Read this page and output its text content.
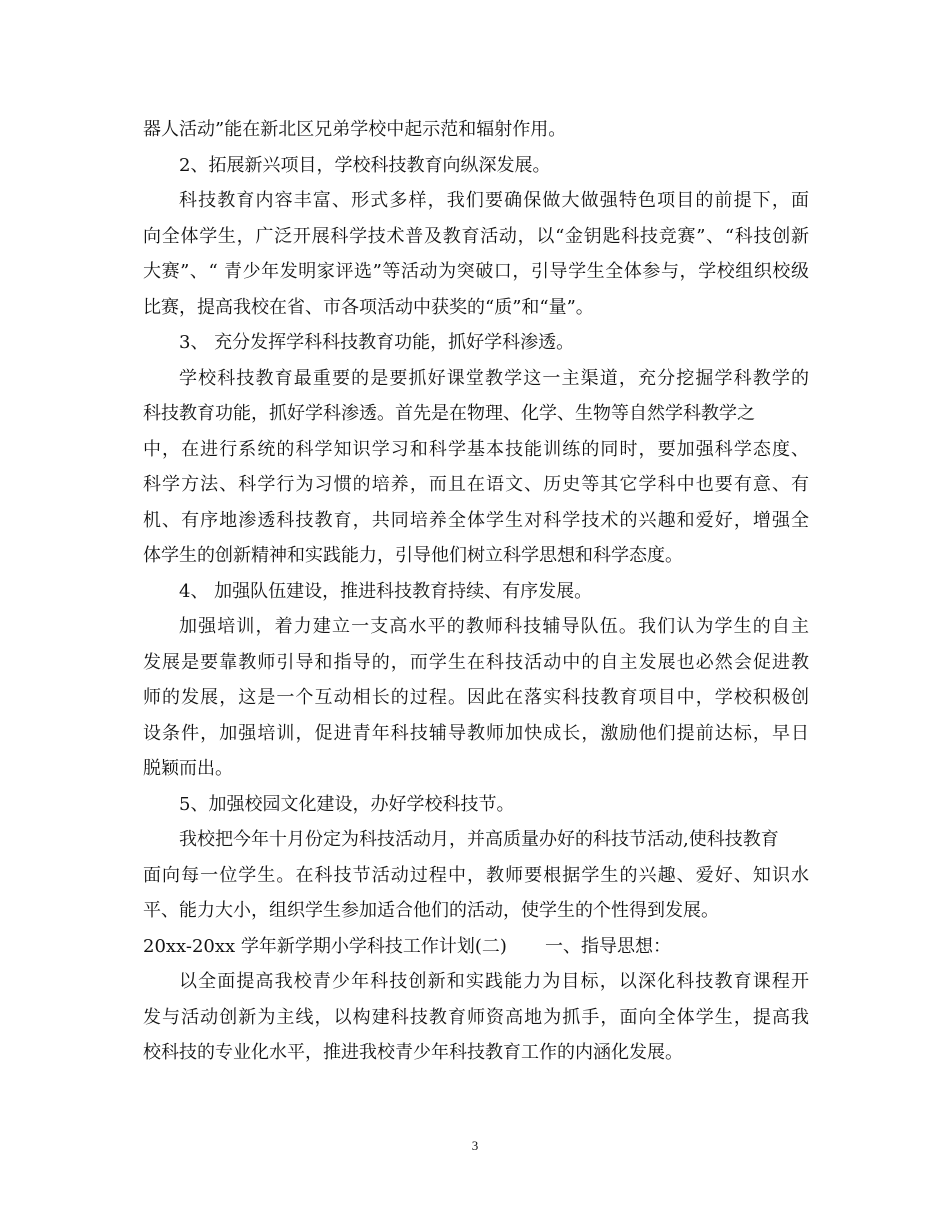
器人活动”能在新北区兄弟学校中起示范和辐射作用。

2、拓展新兴项目，学校科技教育向纵深发展。

科技教育内容丰富、形式多样，我们要确保做大做强特色项目的前提下，面

向全体学生，广泛开展科学技术普及教育活动，以“金钥匙科技竞赛”、“科技创新

大赛”、“ 青少年发明家评选”等活动为突破口，引导学生全体参与，学校组织校级

比赛，提高我校在省、市各项活动中获奖的“质”和“量”。

3、 充分发挥学科科技教育功能，抓好学科渗透。

学校科技教育最重要的是要抓好课堂教学这一主渠道，充分挖掘学科教学的

科技教育功能，抓好学科渗透。首先是在物理、化学、生物等自然学科教学之

中，在进行系统的科学知识学习和科学基本技能训练的同时，要加强科学态度、

科学方法、科学行为习惯的培养，而且在语文、历史等其它学科中也要有意、有

机、有序地渗透科技教育，共同培养全体学生对科学技术的兴趣和爱好，增强全

体学生的创新精神和实践能力，引导他们树立科学思想和科学态度。

4、 加强队伍建设，推进科技教育持续、有序发展。

加强培训，着力建立一支高水平的教师科技辅导队伍。我们认为学生的自主

发展是要靠教师引导和指导的，而学生在科技活动中的自主发展也必然会促进教

师的发展，这是一个互动相长的过程。因此在落实科技教育项目中，学校积极创

设条件，加强培训，促进青年科技辅导教师加快成长，激励他们提前达标，早日

脱颖而出。

5、加强校园文化建设，办好学校科技节。

我校把今年十月份定为科技活动月，并高质量办好的科技节活动,使科技教育

面向每一位学生。在科技节活动过程中，教师要根据学生的兴趣、爱好、知识水

平、能力大小，组织学生参加适合他们的活动，使学生的个性得到发展。

20xx-20xx 学年新学期小学科技工作计划(二) 一、指导思想：

以全面提高我校青少年科技创新和实践能力为目标，以深化科技教育课程开

发与活动创新为主线，以构建科技教育师资高地为抓手，面向全体学生，提高我

校科技的专业化水平，推进我校青少年科技教育工作的内涵化发展。

3
